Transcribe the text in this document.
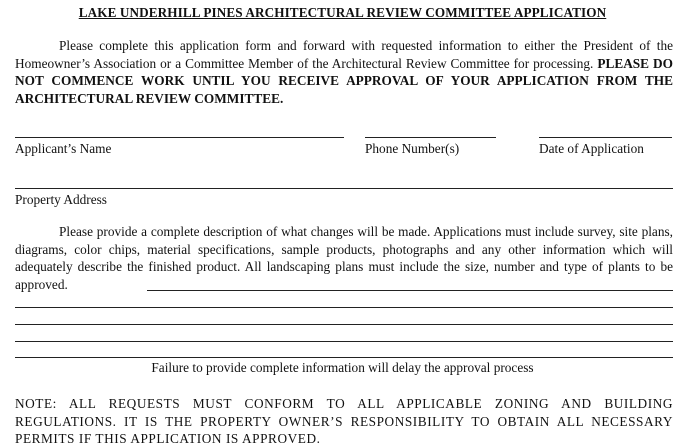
LAKE UNDERHILL PINES ARCHITECTURAL REVIEW COMMITTEE APPLICATION

Please complete this application form and forward with requested information to either the President of the Homeowner’s Association or a Committee Member of the Architectural Review Committee for processing. PLEASE DO NOT COMMENCE WORK UNTIL YOU RECEIVE APPROVAL OF YOUR APPLICATION FROM THE ARCHITECTURAL REVIEW COMMITTEE.

Applicant’s Name	Phone Number(s)	Date of Application
Property Address

Please provide a complete description of what changes will be made. Applications must include survey, site plans, diagrams, color chips, material specifications, sample products, photographs and any other information which will adequately describe the finished product. All landscaping plans must include the size, number and type of plants to be approved.

Failure to provide complete information will delay the approval process

NOTE: ALL REQUESTS MUST CONFORM TO ALL APPLICABLE ZONING AND BUILDING REGULATIONS. IT IS THE PROPERTY OWNER’S RESPONSIBILITY TO OBTAIN ALL NECESSARY PERMITS IF THIS APPLICATION IS APPROVED.
